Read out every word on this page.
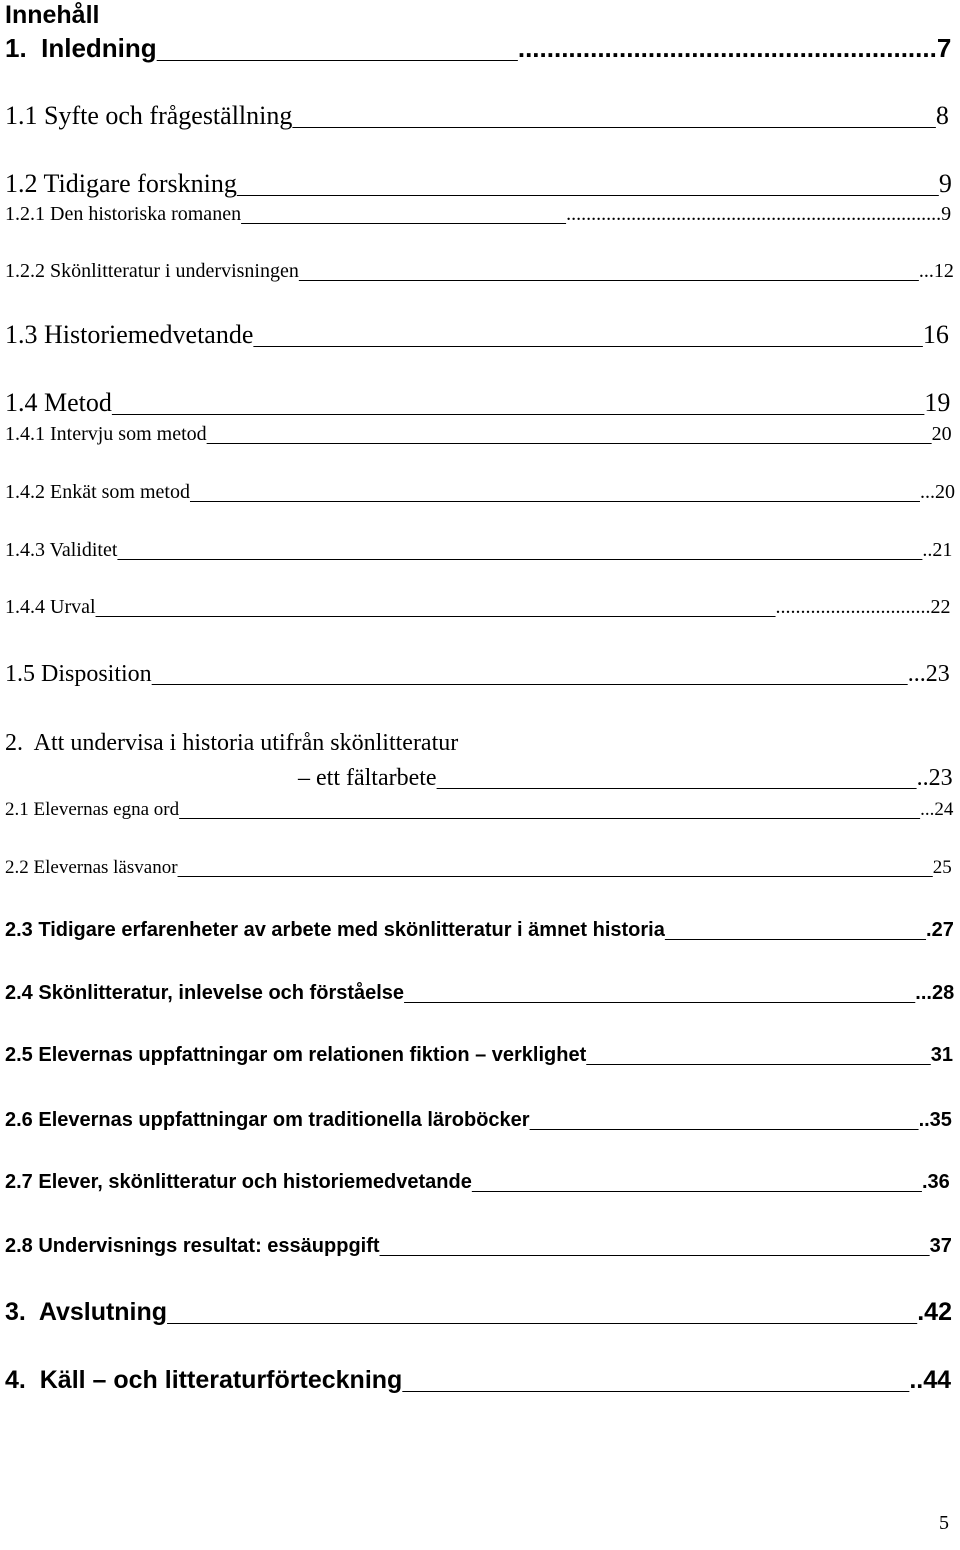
Innehåll
1.  Inledning	..........................................................7
1.1 Syfte och frågeställning	8
1.2 Tidigare forskning	9
1.2.1 Den historiska romanen	...........................................................................9
1.2.2 Skönlitteratur i undervisningen	...12
1.3 Historiemedvetande	16
1.4 Metod	19
1.4.1 Intervju som metod	20
1.4.2 Enkät som metod	...20
1.4.3 Validitet	..21
1.4.4 Urval	...............................22
1.5 Disposition	...23
2.  Att undervisa i historia utifrån skönlitteratur
– ett fältarbete	..23
2.1 Elevernas egna ord	...24
2.2 Elevernas läsvanor	25
2.3 Tidigare erfarenheter av arbete med skönlitteratur i ämnet historia	.27
2.4 Skönlitteratur, inlevelse och förståelse	...28
2.5 Elevernas uppfattningar om relationen fiktion – verklighet	31
2.6 Elevernas uppfattningar om traditionella läroböcker	..35
2.7 Elever, skönlitteratur och historiemedvetande	.36
2.8 Undervisnings resultat: essäuppgift	37
3.  Avslutning	.42
4.  Käll – och litteraturförteckning	..44
5
